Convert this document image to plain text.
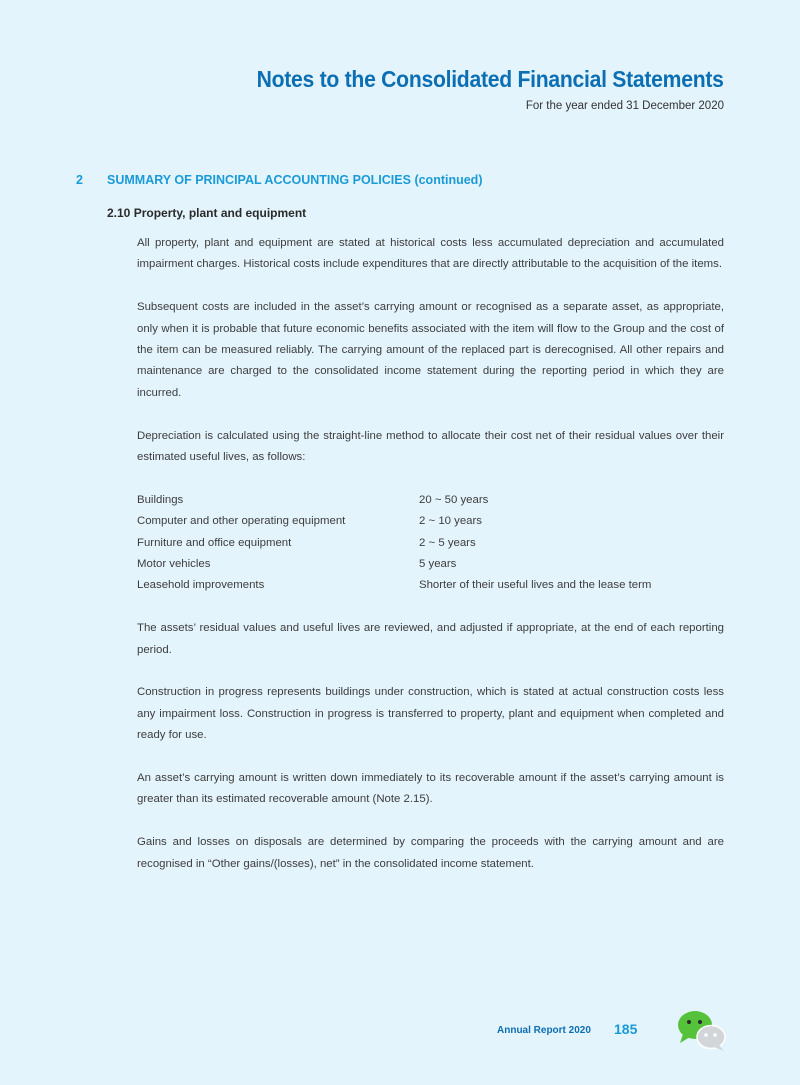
Notes to the Consolidated Financial Statements
For the year ended 31 December 2020
2 SUMMARY OF PRINCIPAL ACCOUNTING POLICIES (continued)
2.10 Property, plant and equipment

All property, plant and equipment are stated at historical costs less accumulated depreciation and accumulated impairment charges. Historical costs include expenditures that are directly attributable to the acquisition of the items.

Subsequent costs are included in the asset’s carrying amount or recognised as a separate asset, as appropriate, only when it is probable that future economic benefits associated with the item will flow to the Group and the cost of the item can be measured reliably. The carrying amount of the replaced part is derecognised. All other repairs and maintenance are charged to the consolidated income statement during the reporting period in which they are incurred.

Depreciation is calculated using the straight-line method to allocate their cost net of their residual values over their estimated useful lives, as follows:

Buildings	20 ~ 50 years
Computer and other operating equipment	2 ~ 10 years
Furniture and office equipment	2 ~ 5 years
Motor vehicles	5 years
Leasehold improvements	Shorter of their useful lives and the lease term

The assets’ residual values and useful lives are reviewed, and adjusted if appropriate, at the end of each reporting period.

Construction in progress represents buildings under construction, which is stated at actual construction costs less any impairment loss. Construction in progress is transferred to property, plant and equipment when completed and ready for use.

An asset’s carrying amount is written down immediately to its recoverable amount if the asset’s carrying amount is greater than its estimated recoverable amount (Note 2.15).

Gains and losses on disposals are determined by comparing the proceeds with the carrying amount and are recognised in “Other gains/(losses), net” in the consolidated income statement.

Annual Report 2020 185
